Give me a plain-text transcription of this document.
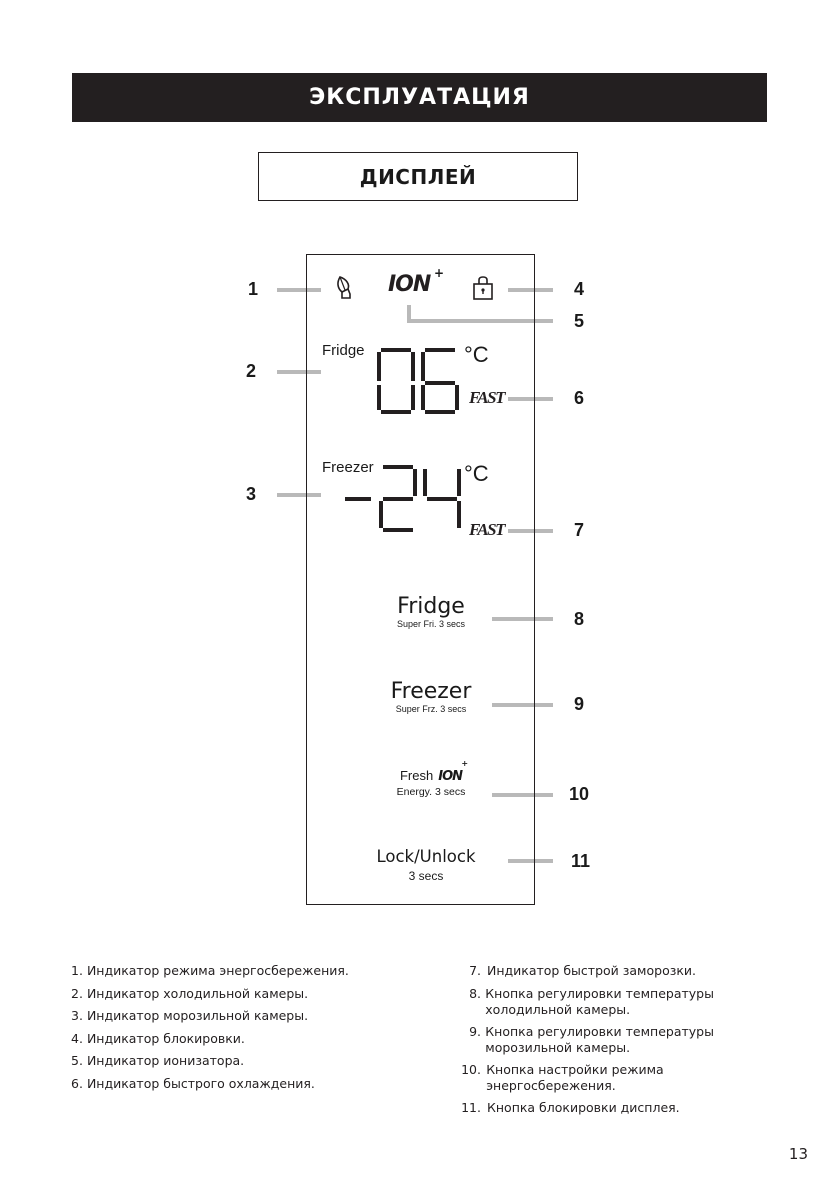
ЭКСПЛУАТАЦИЯ
ДИСПЛЕЙ
1
2
3
4
5
6
7
8
9
10
11
ION +
Fridge	°C
FAST
Freezer	°C
FAST
Fridge
Super Fri. 3 secs
Freezer
Super Frz. 3 secs
Fresh ION
+
Energy. 3 secs
Lock/Unlock
3 secs
1. Индикатор режима энергосбережения.
2. Индикатор холодильной камеры.
3. Индикатор морозильной камеры.
4. Индикатор блокировки.
5. Индикатор ионизатора.
6. Индикатор быстрого охлаждения.
7. Индикатор быстрой заморозки.
8. Кнопка регулировки температуры холодильной камеры.
9. Кнопка регулировки температуры морозильной камеры.
10. Кнопка настройки режима энергосбережения.
11. Кнопка блокировки дисплея.
13
